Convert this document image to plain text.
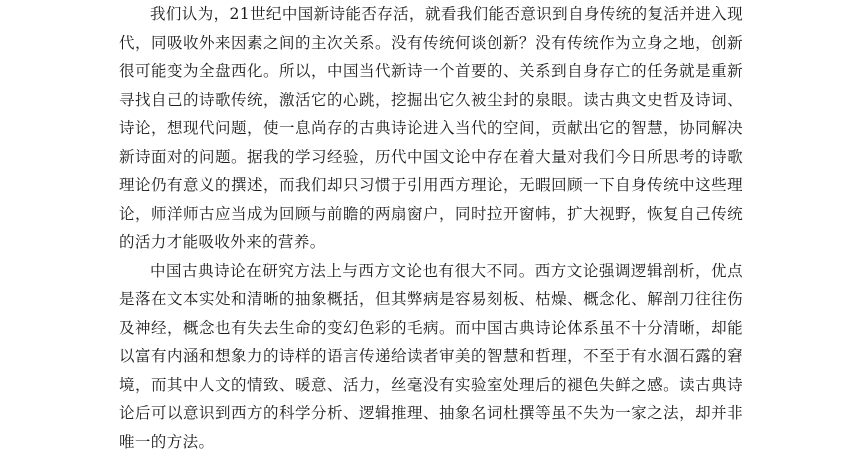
我们认为，21世纪中国新诗能否存活，就看我们能否意识到自身传统的复活并进入现代，同吸收外来因素之间的主次关系。没有传统何谈创新？没有传统作为立身之地，创新很可能变为全盘西化。所以，中国当代新诗一个首要的、关系到自身存亡的任务就是重新寻找自己的诗歌传统，激活它的心跳，挖掘出它久被尘封的泉眼。读古典文史哲及诗词、诗论，想现代问题，使一息尚存的古典诗论进入当代的空间，贡献出它的智慧，协同解决新诗面对的问题。据我的学习经验，历代中国文论中存在着大量对我们今日所思考的诗歌理论仍有意义的撰述，而我们却只习惯于引用西方理论，无暇回顾一下自身传统中这些理论，师洋师古应当成为回顾与前瞻的两扇窗户，同时拉开窗帏，扩大视野，恢复自己传统的活力才能吸收外来的营养。

中国古典诗论在研究方法上与西方文论也有很大不同。西方文论强调逻辑剖析，优点是落在文本实处和清晰的抽象概括，但其弊病是容易刻板、枯燥、概念化、解剖刀往往伤及神经，概念也有失去生命的变幻色彩的毛病。而中国古典诗论体系虽不十分清晰，却能以富有内涵和想象力的诗样的语言传递给读者审美的智慧和哲理，不至于有水涸石露的窘境，而其中人文的情致、暖意、活力，丝毫没有实验室处理后的褪色失鲜之感。读古典诗论后可以意识到西方的科学分析、逻辑推理、抽象名词杜撰等虽不失为一家之法，却并非唯一的方法。
